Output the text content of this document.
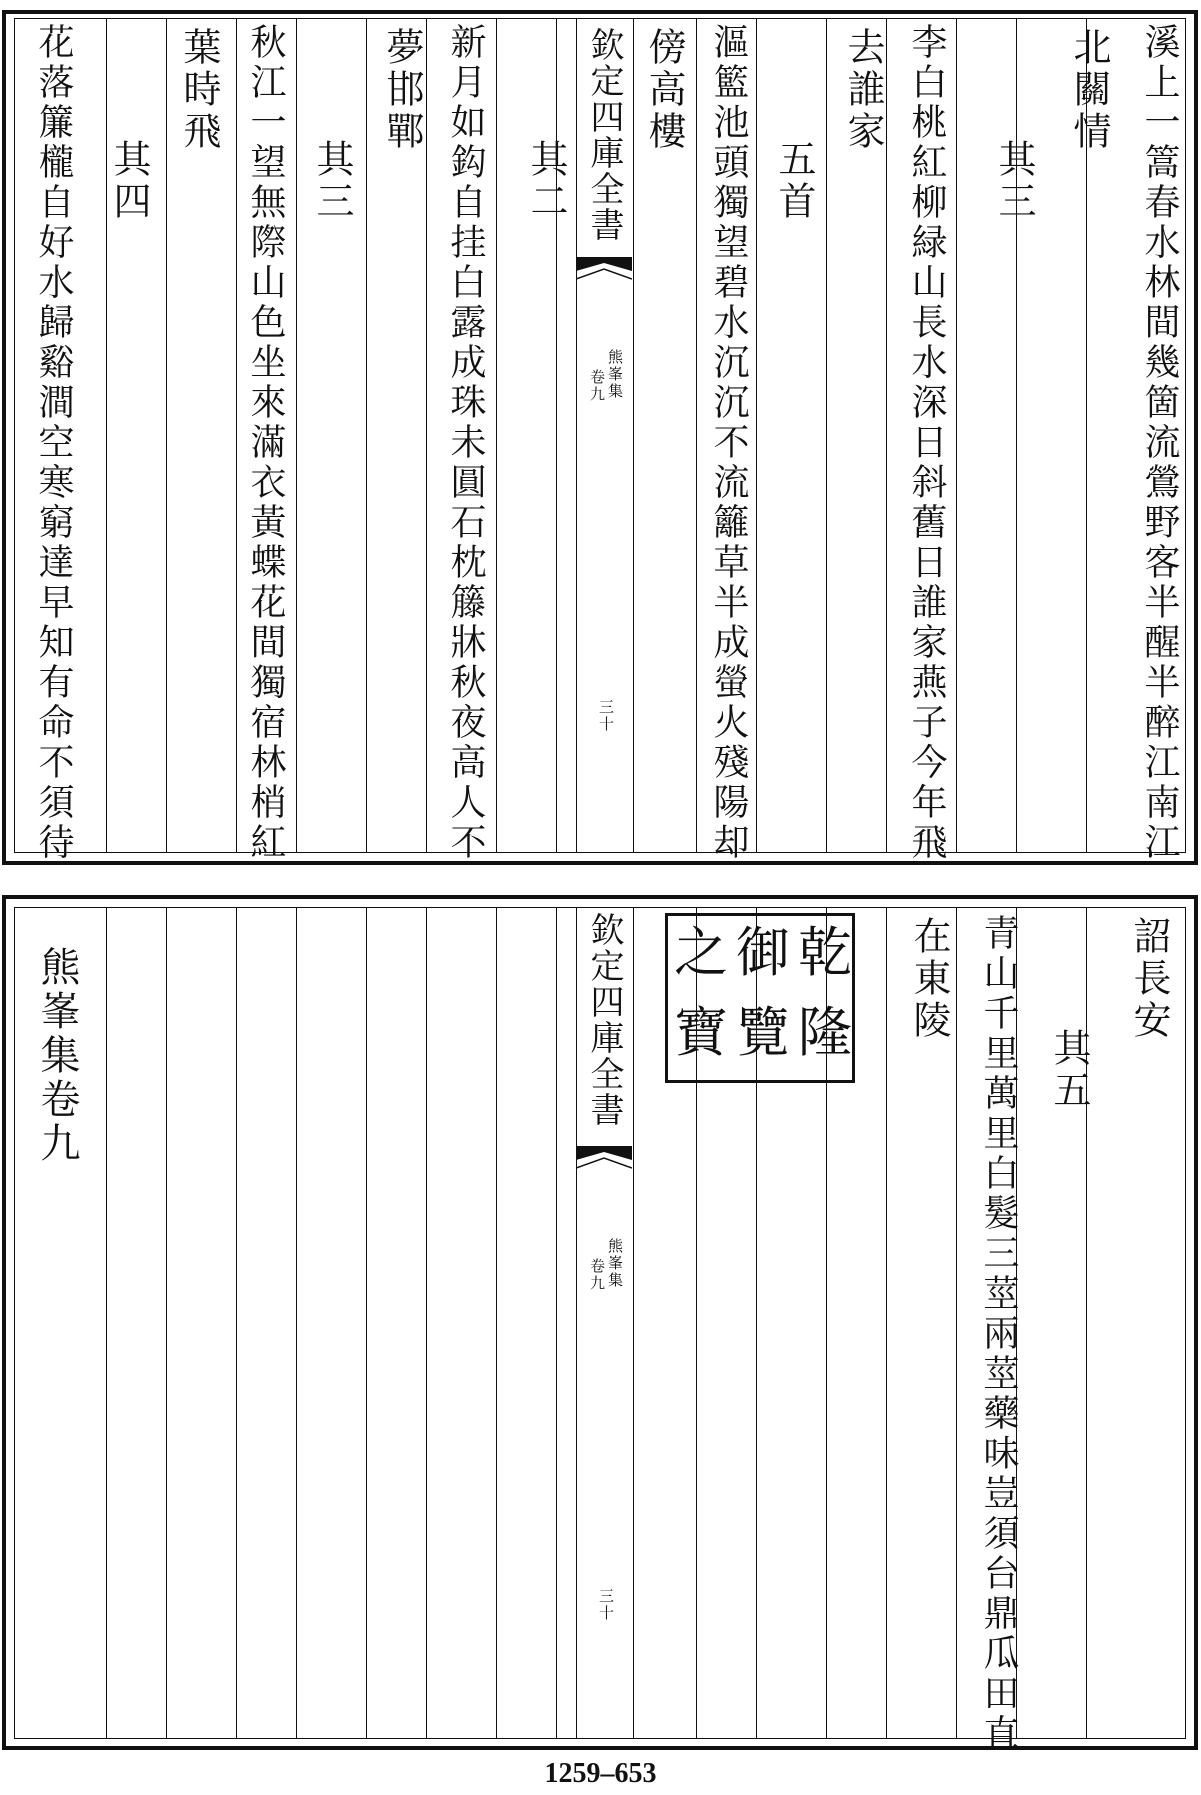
溪上一篙春水林間幾箇流鶯野客半醒半醉江南江
北關情
其三
李白桃紅柳緑山長水深日斜舊日誰家燕子今年飛
去誰家
五首
漚籃池頭獨望碧水沉沉不流籬草半成螢火殘陽却
傍高樓
其二
新月如鈎自挂白露成珠未圓石枕籐牀秋夜高人不
夢邯鄲
其三
秋江一望無際山色坐來滿衣黃蝶花間獨宿林梢紅
葉時飛
其四
花落簾櫳自好水歸谿澗空寒窮達早知有命不須待	欽定四庫全書
熊峯集
卷九
三十
詔長安
其五
青山千里萬里白髮三莖兩莖藥味豈須台鼎瓜田直
在東陵
熊峯集卷九	乾
隆
御
覽
之
寶
欽定四庫全書
熊峯集
卷九
三十
1259–653
